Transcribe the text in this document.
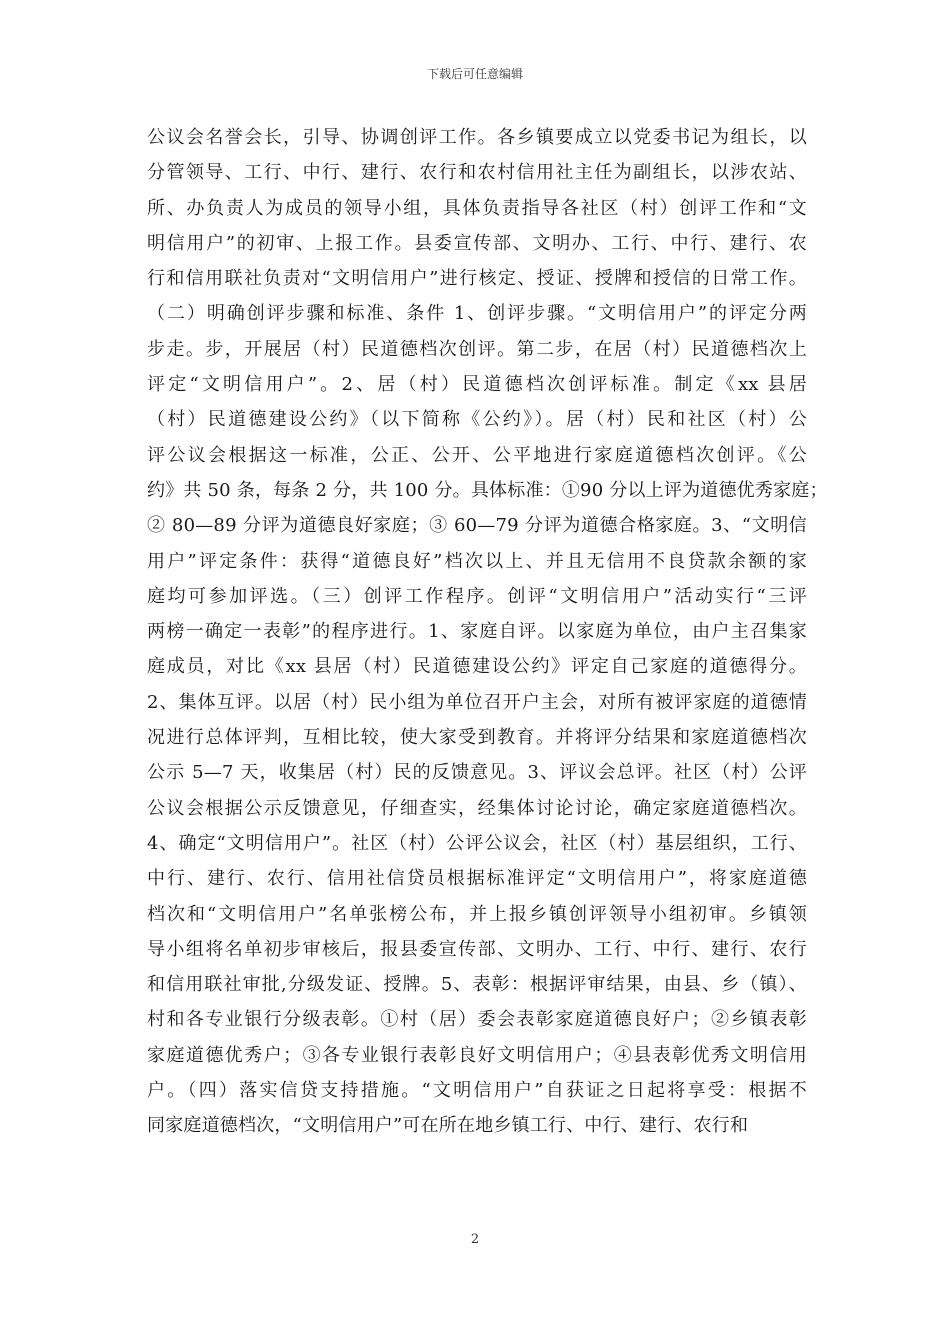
下载后可任意编辑
公议会名誉会长，引导、协调创评工作。各乡镇要成立以党委书记为组长，以
分管领导、工行、中行、建行、农行和农村信用社主任为副组长，以涉农站、
所、办负责人为成员的领导小组，具体负责指导各社区（村）创评工作和“文
明信用户”的初审、上报工作。县委宣传部、文明办、工行、中行、建行、农
行和信用联社负责对“文明信用户”进行核定、授证、授牌和授信的日常工作。
（二）明确创评步骤和标准、条件 1、创评步骤。“文明信用户”的评定分两
步走。步，开展居（村）民道德档次创评。第二步，在居（村）民道德档次上
评定“文明信用户”。2、居（村）民道德档次创评标准。制定《xx 县居
（村）民道德建设公约》（以下简称《公约》）。居（村）民和社区（村）公
评公议会根据这一标准，公正、公开、公平地进行家庭道德档次创评。《公
约》共 50 条，每条 2 分，共 100 分。具体标准：①90 分以上评为道德优秀家庭；
② 80—89 分评为道德良好家庭；③ 60—79 分评为道德合格家庭。3、“文明信
用户”评定条件：获得“道德良好”档次以上、并且无信用不良贷款余额的家
庭均可参加评选。（三）创评工作程序。创评“文明信用户”活动实行“三评
两榜一确定一表彰”的程序进行。1、家庭自评。以家庭为单位，由户主召集家
庭成员，对比《xx 县居（村）民道德建设公约》评定自己家庭的道德得分。
2、集体互评。以居（村）民小组为单位召开户主会，对所有被评家庭的道德情
况进行总体评判，互相比较，使大家受到教育。并将评分结果和家庭道德档次
公示 5—7 天，收集居（村）民的反馈意见。3、评议会总评。社区（村）公评
公议会根据公示反馈意见，仔细查实，经集体讨论讨论，确定家庭道德档次。
4、确定“文明信用户”。社区（村）公评公议会，社区（村）基层组织，工行、
中行、建行、农行、信用社信贷员根据标准评定“文明信用户”，将家庭道德
档次和“文明信用户”名单张榜公布，并上报乡镇创评领导小组初审。乡镇领
导小组将名单初步审核后，报县委宣传部、文明办、工行、中行、建行、农行
和信用联社审批,分级发证、授牌。5、表彰：根据评审结果，由县、乡（镇）、
村和各专业银行分级表彰。①村（居）委会表彰家庭道德良好户；②乡镇表彰
家庭道德优秀户；③各专业银行表彰良好文明信用户；④县表彰优秀文明信用
户。（四）落实信贷支持措施。“文明信用户”自获证之日起将享受：根据不
同家庭道德档次，“文明信用户”可在所在地乡镇工行、中行、建行、农行和
2
